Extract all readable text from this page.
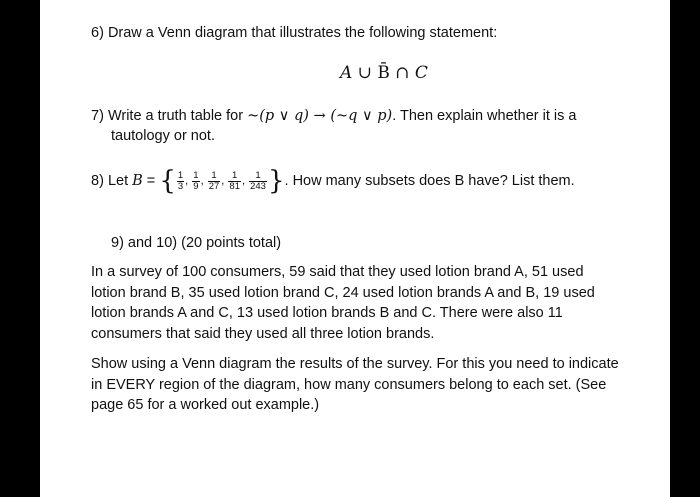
6) Draw a Venn diagram that illustrates the following statement:
A ∪ B̄ ∩ C
7) Write a truth table for ~(p ∨ q) → (~q ∨ p). Then explain whether it is a
tautology or not.
8) Let B = { $\frac{1}{3}$ , $\frac{1}{9}$ , $\frac{1}{27}$ , $\frac{1}{81}$ , $\frac{1}{243}$ }. How many subsets does B have? List them.
9) and 10) (20 points total)
In a survey of 100 consumers, 59 said that they used lotion brand A, 51 used lotion brand B, 35 used lotion brand C, 24 used lotion brands A and B, 19 used lotion brands A and C, 13 used lotion brands B and C. There were also 11 consumers that said they used all three lotion brands.
Show using a Venn diagram the results of the survey. For this you need to indicate in EVERY region of the diagram, how many consumers belong to each set. (See page 65 for a worked out example.)
